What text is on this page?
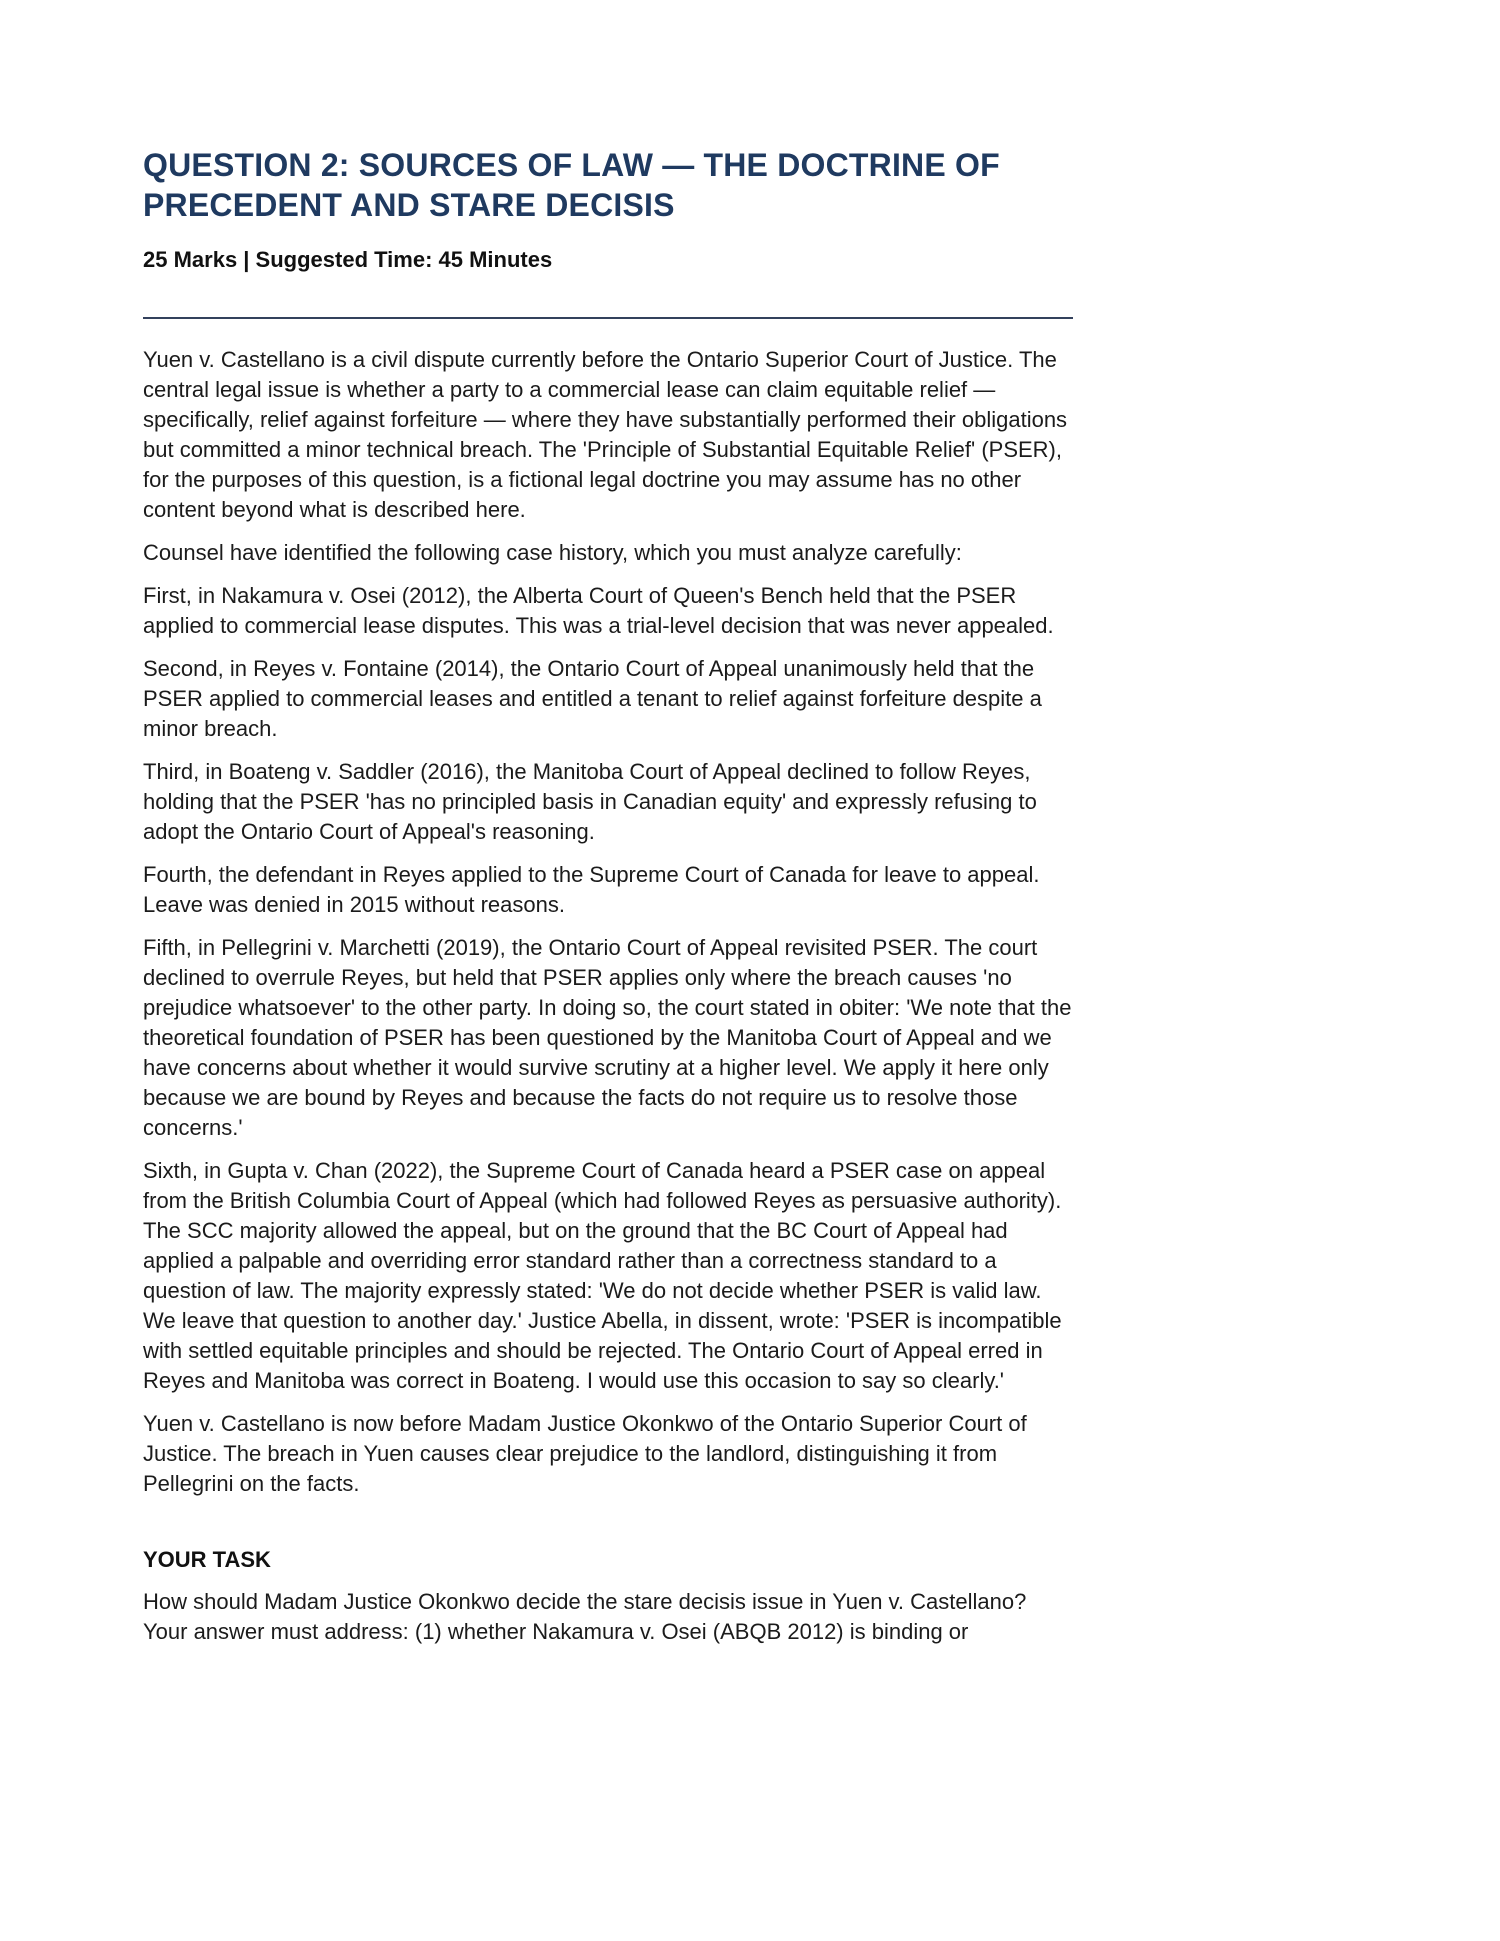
QUESTION 2: SOURCES OF LAW — THE DOCTRINE OF PRECEDENT AND STARE DECISIS

25 Marks | Suggested Time: 45 Minutes

Yuen v. Castellano is a civil dispute currently before the Ontario Superior Court of Justice. The central legal issue is whether a party to a commercial lease can claim equitable relief — specifically, relief against forfeiture — where they have substantially performed their obligations but committed a minor technical breach. The 'Principle of Substantial Equitable Relief' (PSER), for the purposes of this question, is a fictional legal doctrine you may assume has no other content beyond what is described here.

Counsel have identified the following case history, which you must analyze carefully:

First, in Nakamura v. Osei (2012), the Alberta Court of Queen's Bench held that the PSER applied to commercial lease disputes. This was a trial-level decision that was never appealed.

Second, in Reyes v. Fontaine (2014), the Ontario Court of Appeal unanimously held that the PSER applied to commercial leases and entitled a tenant to relief against forfeiture despite a minor breach.

Third, in Boateng v. Saddler (2016), the Manitoba Court of Appeal declined to follow Reyes, holding that the PSER 'has no principled basis in Canadian equity' and expressly refusing to adopt the Ontario Court of Appeal's reasoning.

Fourth, the defendant in Reyes applied to the Supreme Court of Canada for leave to appeal. Leave was denied in 2015 without reasons.

Fifth, in Pellegrini v. Marchetti (2019), the Ontario Court of Appeal revisited PSER. The court declined to overrule Reyes, but held that PSER applies only where the breach causes 'no prejudice whatsoever' to the other party. In doing so, the court stated in obiter: 'We note that the theoretical foundation of PSER has been questioned by the Manitoba Court of Appeal and we have concerns about whether it would survive scrutiny at a higher level. We apply it here only because we are bound by Reyes and because the facts do not require us to resolve those concerns.'

Sixth, in Gupta v. Chan (2022), the Supreme Court of Canada heard a PSER case on appeal from the British Columbia Court of Appeal (which had followed Reyes as persuasive authority). The SCC majority allowed the appeal, but on the ground that the BC Court of Appeal had applied a palpable and overriding error standard rather than a correctness standard to a question of law. The majority expressly stated: 'We do not decide whether PSER is valid law. We leave that question to another day.' Justice Abella, in dissent, wrote: 'PSER is incompatible with settled equitable principles and should be rejected. The Ontario Court of Appeal erred in Reyes and Manitoba was correct in Boateng. I would use this occasion to say so clearly.'

Yuen v. Castellano is now before Madam Justice Okonkwo of the Ontario Superior Court of Justice. The breach in Yuen causes clear prejudice to the landlord, distinguishing it from Pellegrini on the facts.

YOUR TASK

How should Madam Justice Okonkwo decide the stare decisis issue in Yuen v. Castellano? Your answer must address: (1) whether Nakamura v. Osei (ABQB 2012) is binding or
